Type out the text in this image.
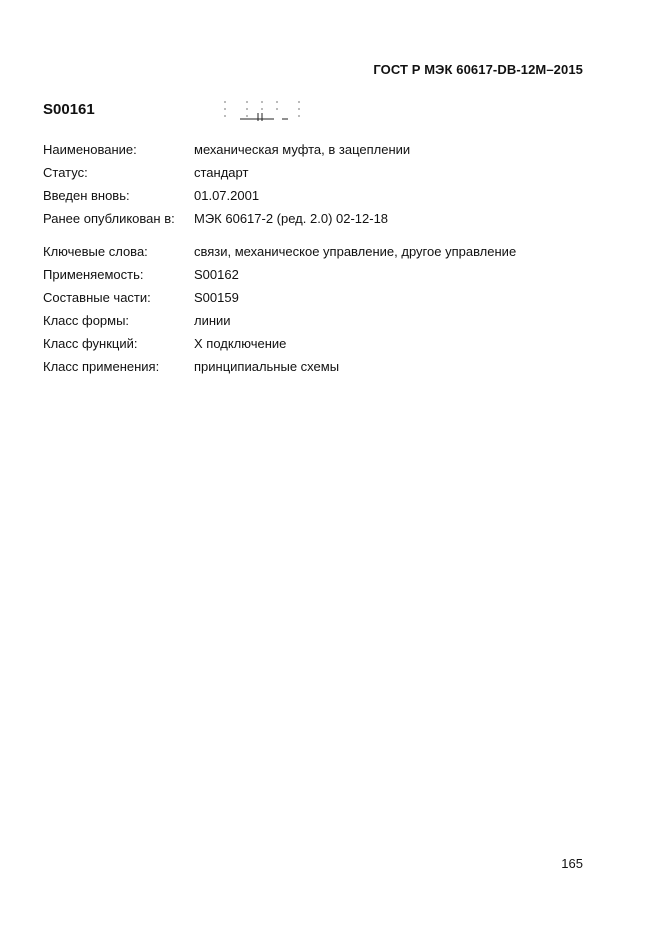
ГОСТ Р МЭК 60617-DB-12M–2015
S00161
Наименование:	механическая муфта, в зацеплении
Статус:	стандарт
Введен вновь:	01.07.2001
Ранее опубликован в:	МЭК 60617-2 (ред. 2.0) 02-12-18
Ключевые слова:	связи, механическое управление, другое управление
Применяемость:	S00162
Составные части:	S00159
Класс формы:	линии
Класс функций:	Х подключение
Класс применения:	принципиальные схемы
165
